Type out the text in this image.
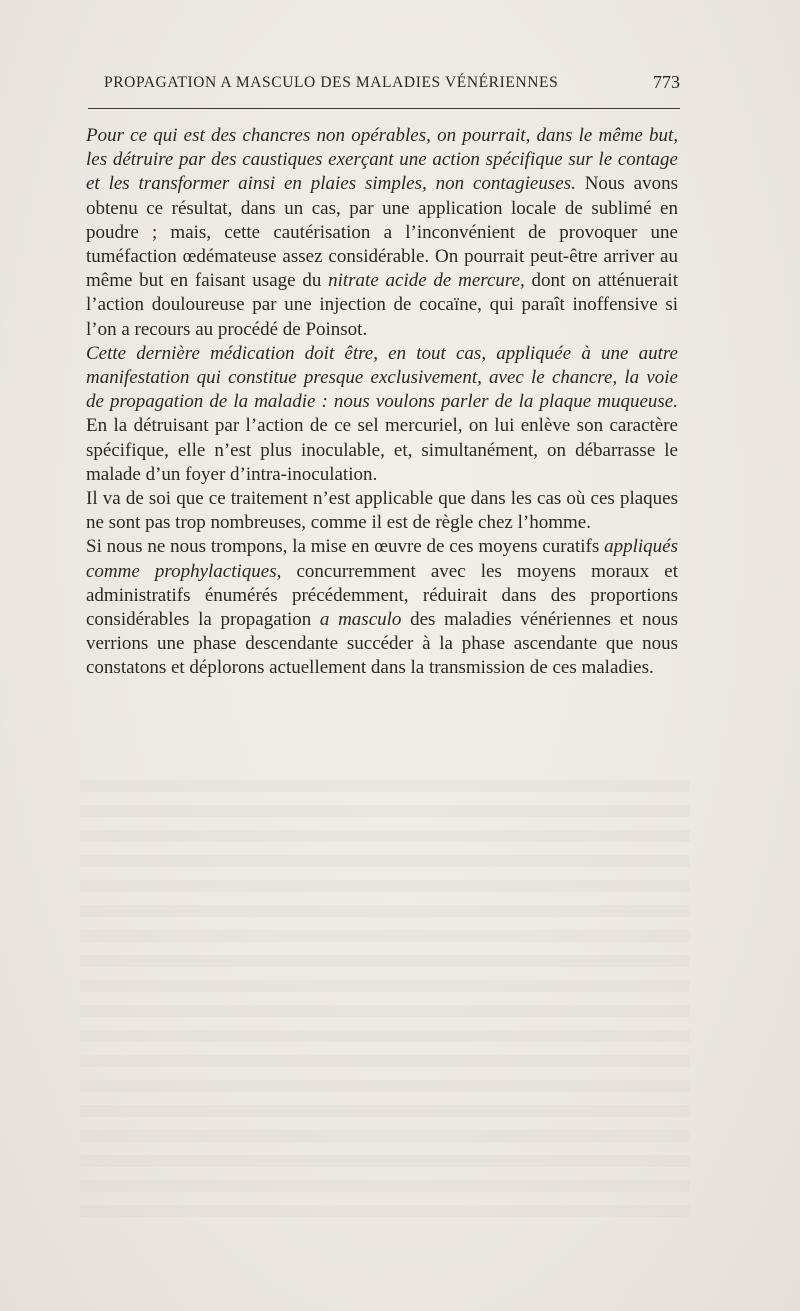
PROPAGATION A MASCULO DES MALADIES VÉNÉRIENNES	773

Pour ce qui est des chancres non opérables, on pourrait, dans le même but, les détruire par des caustiques exerçant une action spécifique sur le contage et les transformer ainsi en plaies simples, non contagieuses. Nous avons obtenu ce résultat, dans un cas, par une application locale de sublimé en poudre ; mais, cette cautérisation a l’inconvénient de provoquer une tuméfaction œdémateuse assez considérable. On pourrait peut-être arriver au même but en faisant usage du nitrate acide de mercure, dont on atténuerait l’action douloureuse par une injection de cocaïne, qui paraît inoffensive si l’on a recours au procédé de Poinsot.

Cette dernière médication doit être, en tout cas, appliquée à une autre manifestation qui constitue presque exclusivement, avec le chancre, la voie de propagation de la maladie : nous voulons parler de la plaque muqueuse. En la détruisant par l’action de ce sel mercuriel, on lui enlève son caractère spécifique, elle n’est plus inoculable, et, simultanément, on débarrasse le malade d’un foyer d’intra-inoculation.

Il va de soi que ce traitement n’est applicable que dans les cas où ces plaques ne sont pas trop nombreuses, comme il est de règle chez l’homme.

Si nous ne nous trompons, la mise en œuvre de ces moyens curatifs appliqués comme prophylactiques, concurremment avec les moyens moraux et administratifs énumérés précédemment, réduirait dans des proportions considérables la propagation a masculo des maladies vénériennes et nous verrions une phase descendante succéder à la phase ascendante que nous constatons et déplorons actuellement dans la transmission de ces maladies.
